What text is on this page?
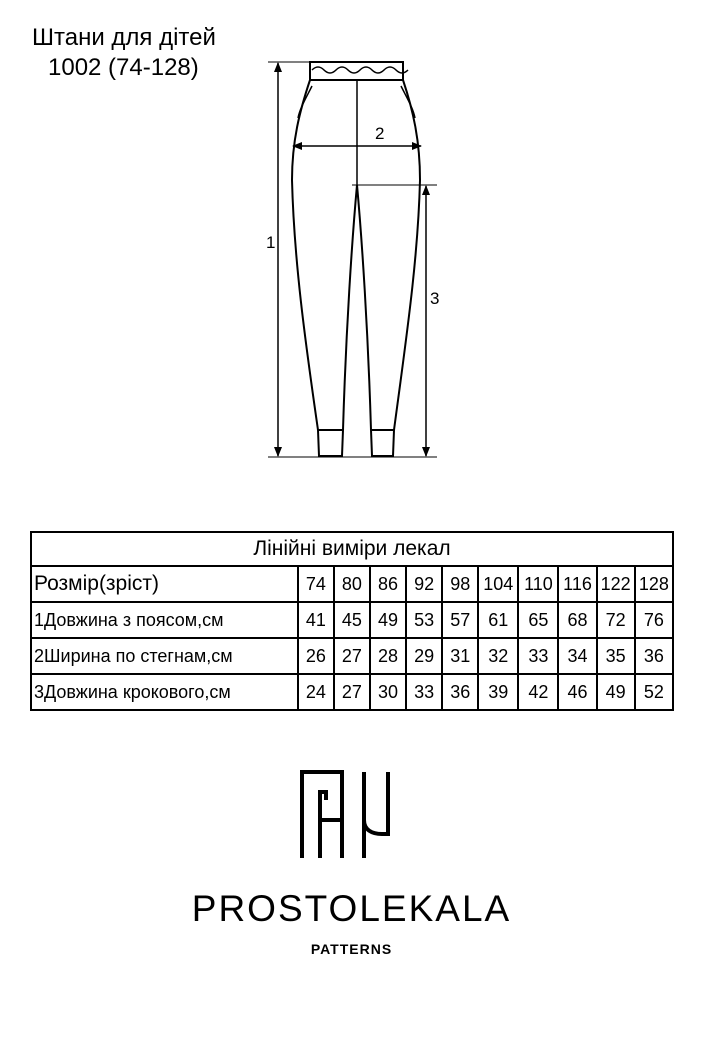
Штани для дітей
1002 (74-128)
1
2
3
Лінійні виміри лекал										
Розмір(зріст)	74	80	86	92	98	104	110	116	122	128
1Довжина з поясом,см	41	45	49	53	57	61	65	68	72	76
2Ширина по стегнам,см	26	27	28	29	31	32	33	34	35	36
3Довжина крокового,см	24	27	30	33	36	39	42	46	49	52
PROSTOLEKALA
PATTERNS
